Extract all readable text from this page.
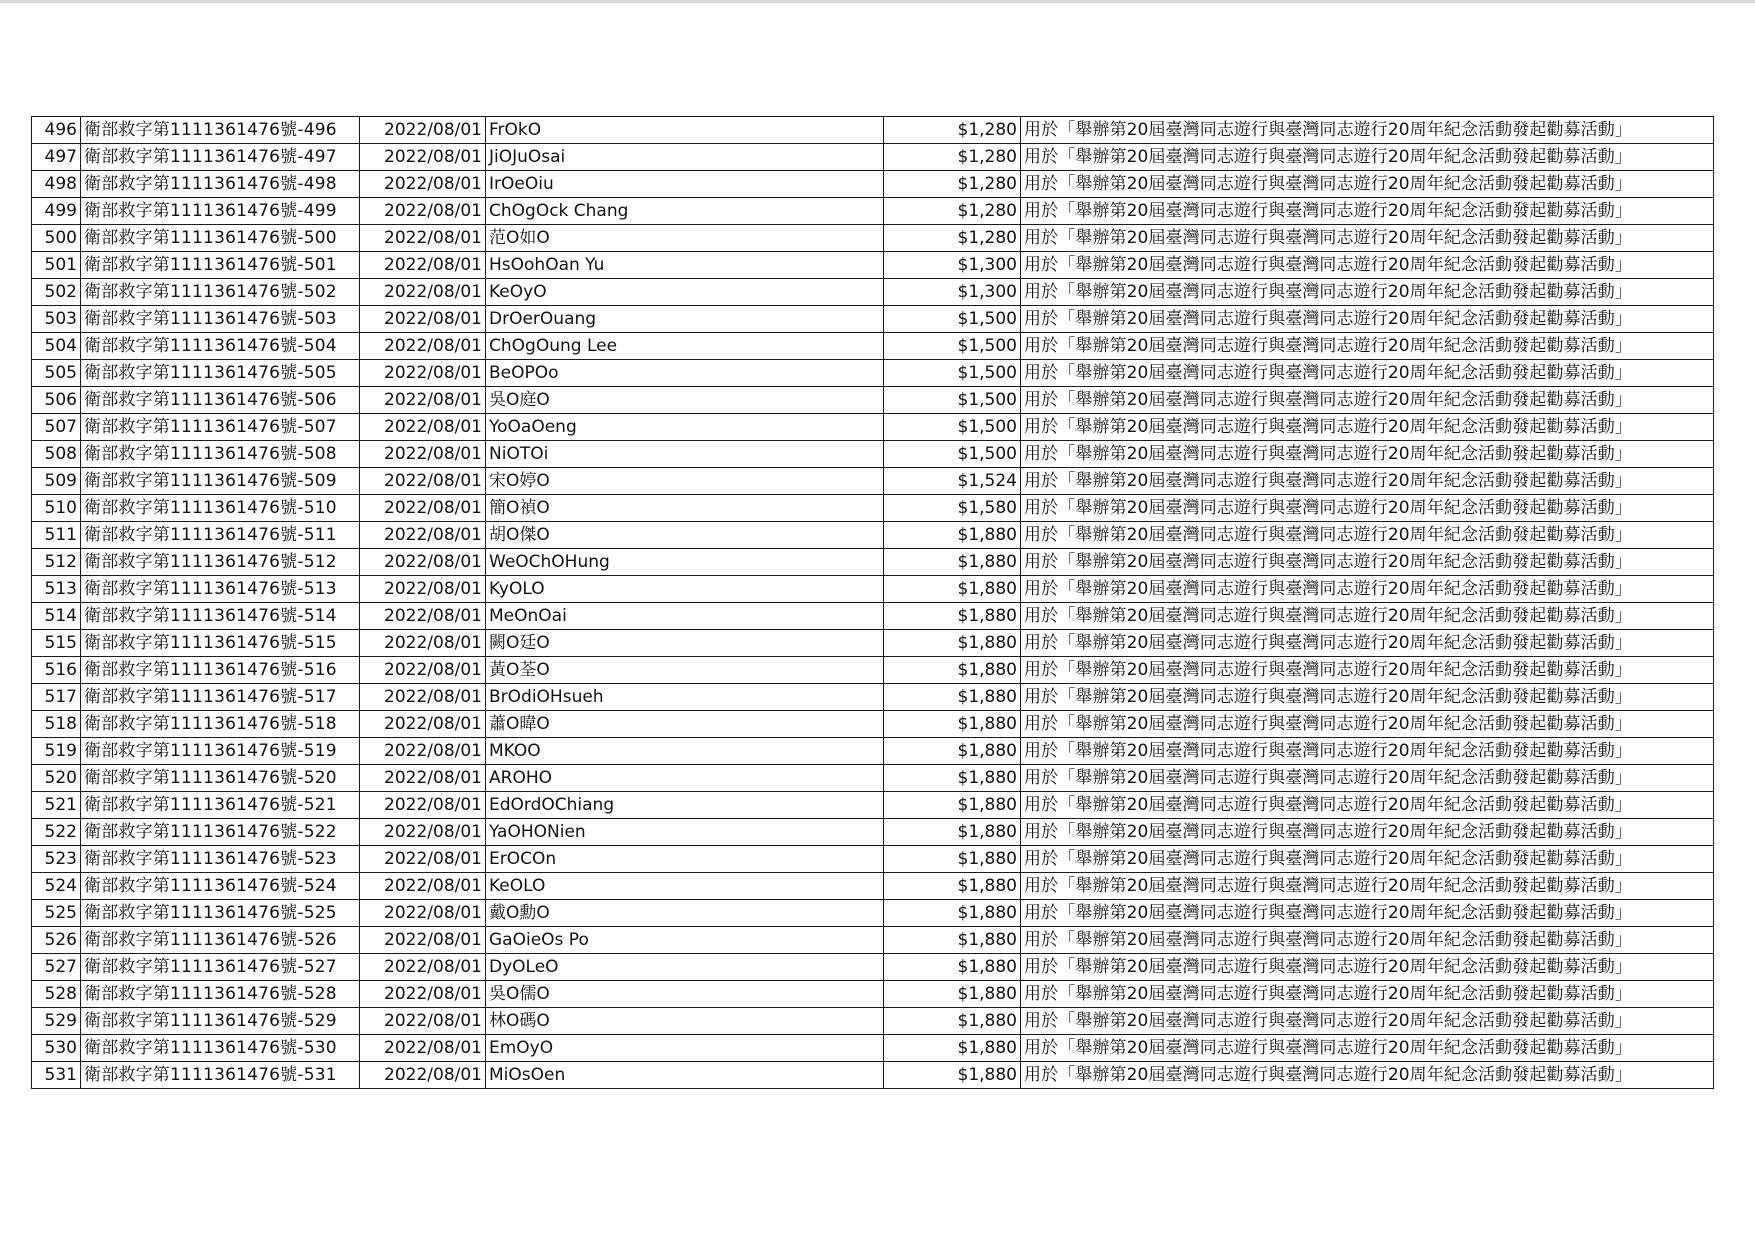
496	衛部救字第1111361476號-496	2022/08/01	FrOkO	$1,280	用於「舉辦第20屆臺灣同志遊行與臺灣同志遊行20周年紀念活動發起勸募活動」
497	衛部救字第1111361476號-497	2022/08/01	JiOJuOsai	$1,280	用於「舉辦第20屆臺灣同志遊行與臺灣同志遊行20周年紀念活動發起勸募活動」
498	衛部救字第1111361476號-498	2022/08/01	IrOeOiu	$1,280	用於「舉辦第20屆臺灣同志遊行與臺灣同志遊行20周年紀念活動發起勸募活動」
499	衛部救字第1111361476號-499	2022/08/01	ChOgOck Chang	$1,280	用於「舉辦第20屆臺灣同志遊行與臺灣同志遊行20周年紀念活動發起勸募活動」
500	衛部救字第1111361476號-500	2022/08/01	范O如O	$1,280	用於「舉辦第20屆臺灣同志遊行與臺灣同志遊行20周年紀念活動發起勸募活動」
501	衛部救字第1111361476號-501	2022/08/01	HsOohOan Yu	$1,300	用於「舉辦第20屆臺灣同志遊行與臺灣同志遊行20周年紀念活動發起勸募活動」
502	衛部救字第1111361476號-502	2022/08/01	KeOyO	$1,300	用於「舉辦第20屆臺灣同志遊行與臺灣同志遊行20周年紀念活動發起勸募活動」
503	衛部救字第1111361476號-503	2022/08/01	DrOerOuang	$1,500	用於「舉辦第20屆臺灣同志遊行與臺灣同志遊行20周年紀念活動發起勸募活動」
504	衛部救字第1111361476號-504	2022/08/01	ChOgOung Lee	$1,500	用於「舉辦第20屆臺灣同志遊行與臺灣同志遊行20周年紀念活動發起勸募活動」
505	衛部救字第1111361476號-505	2022/08/01	BeOPOo	$1,500	用於「舉辦第20屆臺灣同志遊行與臺灣同志遊行20周年紀念活動發起勸募活動」
506	衛部救字第1111361476號-506	2022/08/01	吳O庭O	$1,500	用於「舉辦第20屆臺灣同志遊行與臺灣同志遊行20周年紀念活動發起勸募活動」
507	衛部救字第1111361476號-507	2022/08/01	YoOaOeng	$1,500	用於「舉辦第20屆臺灣同志遊行與臺灣同志遊行20周年紀念活動發起勸募活動」
508	衛部救字第1111361476號-508	2022/08/01	NiOTOi	$1,500	用於「舉辦第20屆臺灣同志遊行與臺灣同志遊行20周年紀念活動發起勸募活動」
509	衛部救字第1111361476號-509	2022/08/01	宋O婷O	$1,524	用於「舉辦第20屆臺灣同志遊行與臺灣同志遊行20周年紀念活動發起勸募活動」
510	衛部救字第1111361476號-510	2022/08/01	簡O禎O	$1,580	用於「舉辦第20屆臺灣同志遊行與臺灣同志遊行20周年紀念活動發起勸募活動」
511	衛部救字第1111361476號-511	2022/08/01	胡O傑O	$1,880	用於「舉辦第20屆臺灣同志遊行與臺灣同志遊行20周年紀念活動發起勸募活動」
512	衛部救字第1111361476號-512	2022/08/01	WeOChOHung	$1,880	用於「舉辦第20屆臺灣同志遊行與臺灣同志遊行20周年紀念活動發起勸募活動」
513	衛部救字第1111361476號-513	2022/08/01	KyOLO	$1,880	用於「舉辦第20屆臺灣同志遊行與臺灣同志遊行20周年紀念活動發起勸募活動」
514	衛部救字第1111361476號-514	2022/08/01	MeOnOai	$1,880	用於「舉辦第20屆臺灣同志遊行與臺灣同志遊行20周年紀念活動發起勸募活動」
515	衛部救字第1111361476號-515	2022/08/01	闕O廷O	$1,880	用於「舉辦第20屆臺灣同志遊行與臺灣同志遊行20周年紀念活動發起勸募活動」
516	衛部救字第1111361476號-516	2022/08/01	黃O荃O	$1,880	用於「舉辦第20屆臺灣同志遊行與臺灣同志遊行20周年紀念活動發起勸募活動」
517	衛部救字第1111361476號-517	2022/08/01	BrOdiOHsueh	$1,880	用於「舉辦第20屆臺灣同志遊行與臺灣同志遊行20周年紀念活動發起勸募活動」
518	衛部救字第1111361476號-518	2022/08/01	蕭O暐O	$1,880	用於「舉辦第20屆臺灣同志遊行與臺灣同志遊行20周年紀念活動發起勸募活動」
519	衛部救字第1111361476號-519	2022/08/01	MKOO	$1,880	用於「舉辦第20屆臺灣同志遊行與臺灣同志遊行20周年紀念活動發起勸募活動」
520	衛部救字第1111361476號-520	2022/08/01	AROHO	$1,880	用於「舉辦第20屆臺灣同志遊行與臺灣同志遊行20周年紀念活動發起勸募活動」
521	衛部救字第1111361476號-521	2022/08/01	EdOrdOChiang	$1,880	用於「舉辦第20屆臺灣同志遊行與臺灣同志遊行20周年紀念活動發起勸募活動」
522	衛部救字第1111361476號-522	2022/08/01	YaOHONien	$1,880	用於「舉辦第20屆臺灣同志遊行與臺灣同志遊行20周年紀念活動發起勸募活動」
523	衛部救字第1111361476號-523	2022/08/01	ErOCOn	$1,880	用於「舉辦第20屆臺灣同志遊行與臺灣同志遊行20周年紀念活動發起勸募活動」
524	衛部救字第1111361476號-524	2022/08/01	KeOLO	$1,880	用於「舉辦第20屆臺灣同志遊行與臺灣同志遊行20周年紀念活動發起勸募活動」
525	衛部救字第1111361476號-525	2022/08/01	戴O勳O	$1,880	用於「舉辦第20屆臺灣同志遊行與臺灣同志遊行20周年紀念活動發起勸募活動」
526	衛部救字第1111361476號-526	2022/08/01	GaOieOs Po	$1,880	用於「舉辦第20屆臺灣同志遊行與臺灣同志遊行20周年紀念活動發起勸募活動」
527	衛部救字第1111361476號-527	2022/08/01	DyOLeO	$1,880	用於「舉辦第20屆臺灣同志遊行與臺灣同志遊行20周年紀念活動發起勸募活動」
528	衛部救字第1111361476號-528	2022/08/01	吳O儒O	$1,880	用於「舉辦第20屆臺灣同志遊行與臺灣同志遊行20周年紀念活動發起勸募活動」
529	衛部救字第1111361476號-529	2022/08/01	林O碼O	$1,880	用於「舉辦第20屆臺灣同志遊行與臺灣同志遊行20周年紀念活動發起勸募活動」
530	衛部救字第1111361476號-530	2022/08/01	EmOyO	$1,880	用於「舉辦第20屆臺灣同志遊行與臺灣同志遊行20周年紀念活動發起勸募活動」
531	衛部救字第1111361476號-531	2022/08/01	MiOsOen	$1,880	用於「舉辦第20屆臺灣同志遊行與臺灣同志遊行20周年紀念活動發起勸募活動」
